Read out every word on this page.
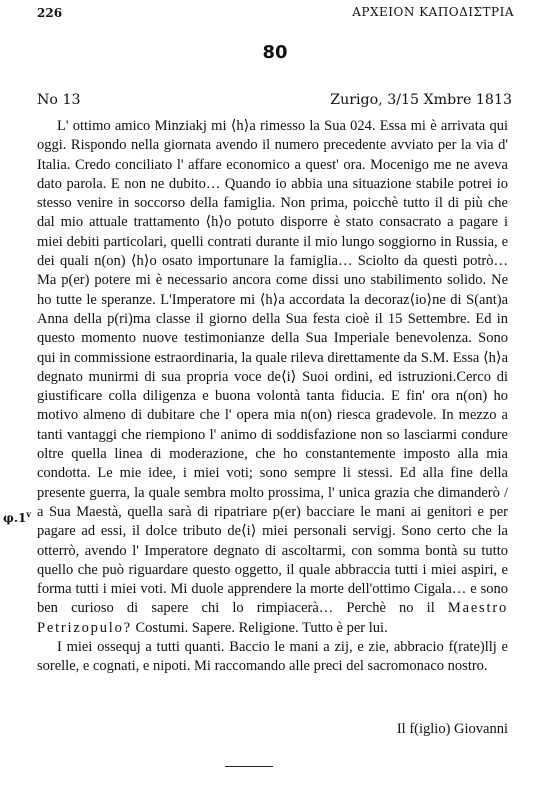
226	ΑΡΧΕΙΟΝ ΚΑΠΟΔΙΣΤΡΙΑ
80
No 13	Zurigo, 3/15 Xmbre 1813
φ.1$^v$

L' ottimo amico Minziakj mi ⟨h⟩a rimesso la Sua 024. Essa mi è arrivata qui oggi. Rispondo nella giornata avendo il numero precedente avviato per la via d' Italia. Credo conciliato l' affare economico a quest' ora. Mocenigo me ne aveva dato parola. E non ne dubito… Quando io abbia una situazione stabile potrei io stesso venire in soccorso della famiglia. Non prima, poicchè tutto il di più che dal mio attuale trattamento ⟨h⟩o potuto disporre è stato consacrato a pagare i miei debiti particolari, quelli contrati durante il mio lungo soggiorno in Russia, e dei quali n(on) ⟨h⟩o osato importunare la famiglia… Sciolto da questi potrò… Ma p(er) potere mi è necessario ancora come dissi uno stabilimento solido. Ne ho tutte le speranze. L'Imperatore mi ⟨h⟩a accordata la decoraz⟨io⟩ne di S(ant)a Anna della p(ri)ma classe il giorno della Sua festa cioè il 15 Settembre. Ed in questo momento nuove testimonianze della Sua Imperiale benevolenza. Sono qui in commissione estraordinaria, la quale rileva direttamente da S.M. Essa ⟨h⟩a degnato munirmi di sua propria voce de⟨i⟩ Suoi ordini, ed istruzioni.Cerco di giustificare colla diligenza e buona volontà tanta fiducia. E fin' ora n(on) ho motivo almeno di dubitare che l' opera mia n(on) riesca gradevole. In mezzo a tanti vantaggi che riempiono l' animo di soddisfazione non so lasciarmi condure oltre quella linea di moderazione, che ho constantemente imposto alla mia condotta. Le mie idee, i miei voti; sono sempre li stessi. Ed alla fine della presente guerra, la quale sembra molto prossima, l' unica grazia che dimanderò / a Sua Maestà, quella sarà di ripatriare p(er) bacciare le mani ai genitori e per pagare ad essi, il dolce tributo de⟨i⟩ miei personali servigj. Sono certo che la otterrò, avendo l' Imperatore degnato di ascoltarmi, con somma bontà su tutto quello che può riguardare questo oggetto, il quale abbraccia tutti i miei aspiri, e forma tutti i miei voti. Mi duole apprendere la morte dell'ottimo Cigala… e sono ben curioso di sapere chi lo rimpiacerà… Perchè no il Maestro Petrizopulo? Costumi. Sapere. Religione. Tutto è per lui.

I miei ossequj a tutti quanti. Baccio le mani a zij, e zie, abbracio f(rate)llj e sorelle, e cognati, e nipoti. Mi raccomando alle preci del sacromonaco nostro.

Il f(iglio) Giovanni
